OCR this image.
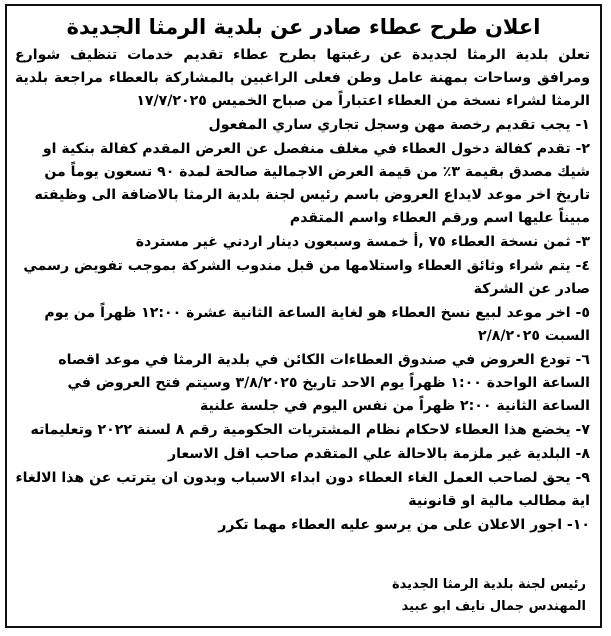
اعلان طرح عطاء صادر عن بلدية الرمثا الجديدة

تعلن بلدية الرمثا لجديدة عن رغبتها بطرح عطاء تقديم خدمات تنظيف شوارع ومرافق وساحات بمهنة عامل وطن فعلى الراغبين بالمشاركة بالعطاء مراجعة بلدية الرمثا لشراء نسخة من العطاء اعتباراً من صباح الخميس ١٧/٧/٢٠٢٥

١- يجب تقديم رخصة مهن وسجل تجاري ساري المفعول

٢- تقدم كفالة دخول العطاء في مغلف منفصل عن العرض المقدم كفالة بنكية او شيك مصدق بقيمة ٣٪ من قيمة العرض الاجمالية صالحة لمدة ٩٠ تسعون يوماً من تاريخ اخر موعد لايداع العروض باسم رئيس لجنة بلدية الرمثا بالاضافة الى وظيفته مبيناً عليها اسم ورقم العطاء واسم المتقدم

٣- ثمن نسخة العطاء ٧٥ ,أ خمسة وسبعون دينار اردني غير مستردة

٤- يتم شراء وثائق العطاء واستلامها من قبل مندوب الشركة بموجب تفويض رسمي صادر عن الشركة

٥- اخر موعد لبيع نسخ العطاء هو لغاية الساعة الثانية عشرة ١٢:٠٠ ظهراً من يوم السبت ٢/٨/٢٠٢٥

٦- تودع العروض في صندوق العطاءات الكائن في بلدية الرمثا في موعد اقصاه الساعة الواحدة ١:٠٠ ظهراً يوم الاحد تاريخ ٣/٨/٢٠٢٥ وسيتم فتح العروض في الساعة الثانية ٢:٠٠ ظهراً من نفس اليوم في جلسة علنية

٧- يخضع هذا العطاء لاحكام نظام المشتريات الحكومية رقم ٨ لسنة ٢٠٢٢ وتعليماته

٨- البلدية غير ملزمة بالاحالة علي المتقدم صاحب اقل الاسعار

٩- يحق لصاحب العمل الغاء العطاء دون ابداء الاسباب وبدون ان يترتب عن هذا الالغاء اية مطالب مالية او قانونية

١٠- اجور الاعلان على من يرسو عليه العطاء مهما تكرر

رئيس لجنة بلدية الرمثا الجديدة
المهندس جمال نايف ابو عبيد
